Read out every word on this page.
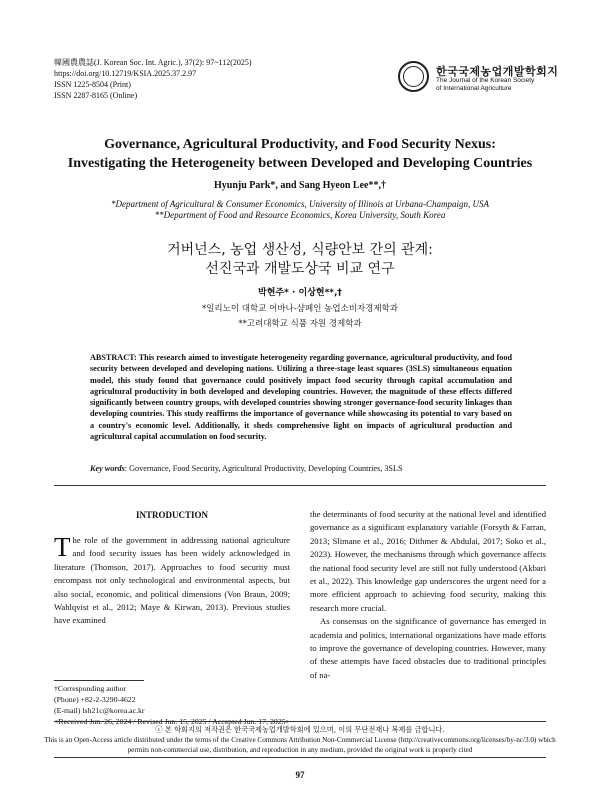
韓國農農誌(J. Korean Soc. Int. Agric.), 37(2): 97~112(2025)
https://doi.org/10.12719/KSIA.2025.37.2.97
ISSN 1225-8504 (Print)
ISSN 2287-8165 (Online)
한국국제농업개발학회지
The Journal of the Korean Society
of International Agriculture
Governance, Agricultural Productivity, and Food Security Nexus:
Investigating the Heterogeneity between Developed and Developing Countries
Hyunju Park*, and Sang Hyeon Lee**,†
*Department of Agricultural & Consumer Economics, University of Illinois at Urbana-Champaign, USA
**Department of Food and Resource Economics, Korea University, South Korea
거버넌스, 농업 생산성, 식량안보 간의 관계:
선진국과 개발도상국 비교 연구
박현주* · 이상현**,†
*일리노이 대학교 어바나-샴페인 농업소비자경제학과
**고려대학교 식품 자원 경제학과
ABSTRACT: This research aimed to investigate heterogeneity regarding governance, agricultural productivity, and food security between developed and developing nations. Utilizing a three-stage least squares (3SLS) simultaneous equation model, this study found that governance could positively impact food security through capital accumulation and agricultural productivity in both developed and developing countries. However, the magnitude of these effects differed significantly between country groups, with developed countries showing stronger governance-food security linkages than developing countries. This study reaffirms the importance of governance while showcasing its potential to vary based on a country's economic level. Additionally, it sheds comprehensive light on impacts of agricultural production and agricultural capital accumulation on food security.
Key words: Governance, Food Security, Agricultural Productivity, Developing Countries, 3SLS
INTRODUCTION

The role of the government in addressing national agriculture and food security issues has been widely acknowledged in literature (Thomson, 2017). Approaches to food security must encompass not only technological and environmental aspects, but also social, economic, and political dimensions (Von Braun, 2009; Wahlqvist et al., 2012; Maye & Kirwan, 2013). Previous studies have examined

the determinants of food security at the national level and identified governance as a significant explanatory variable (Forsyth & Farran, 2013; Slimane et al., 2016; Dithmer & Abdulai, 2017; Soko et al., 2023). However, the mechanisms through which governance affects the national food security level are still not fully understood (Akbari et al., 2022). This knowledge gap underscores the urgent need for a more efficient approach to achieving food security, making this research more crucial.

As consensus on the significance of governance has emerged in academia and politics, international organizations have made efforts to improve the governance of developing countries. However, many of these attempts have faced obstacles due to traditional principles of na-

†Corresponding author
(Phone) +82-2-3290-4622
(E-mail) lsh21c@korea.ac.kr
<Received Jun. 26, 2024 / Revised Jun. 15, 2025 / Accepted Jun. 17, 2025>
ⓒ 본 학회지의 저작권은 한국국제농업개발학회에 있으며, 이의 무단전재나 복제를 금합니다.
This is an Open-Access article distributed under the terms of the Creative Commons Attribution Non-Commercial License (http://creativecommons.org/licenses/by-nc/3.0) which
permits non-commercial use, distribution, and reproduction in any medium, provided the original work is properly cited
97
